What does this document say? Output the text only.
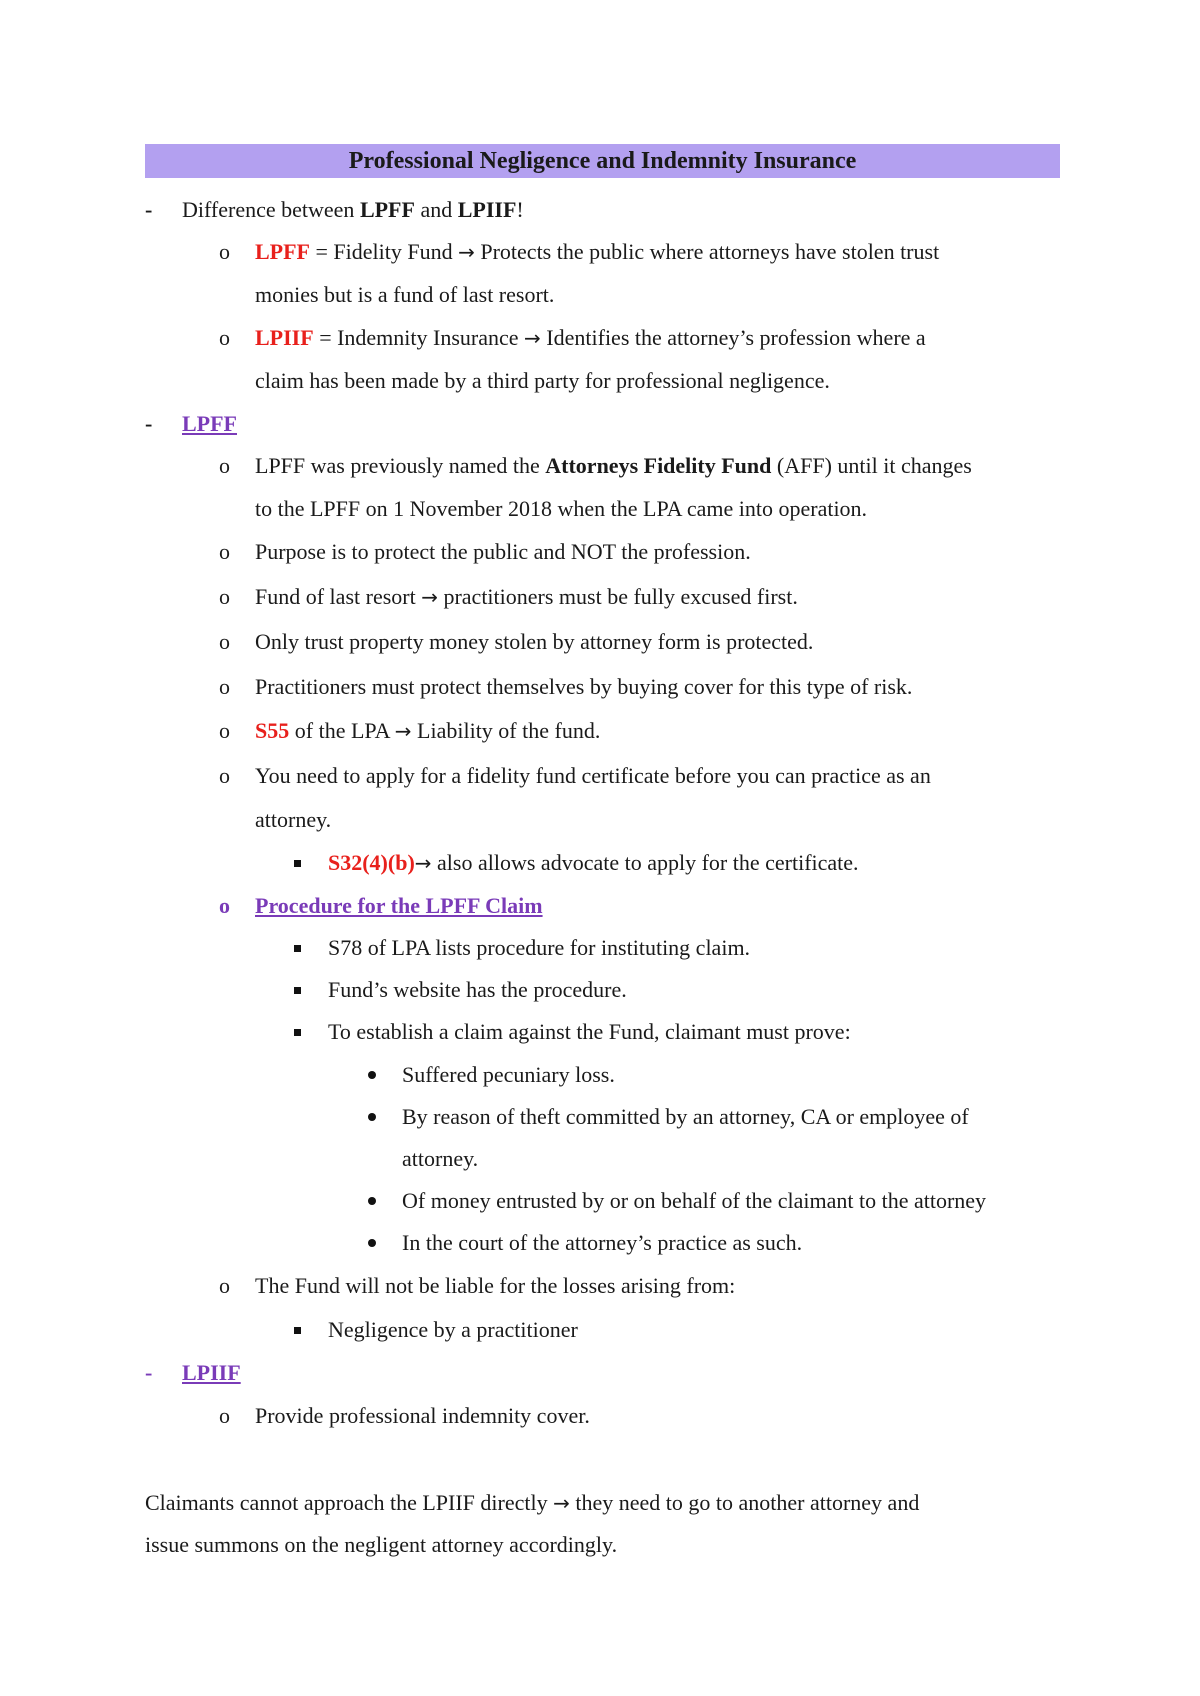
Professional Negligence and Indemnity Insurance
- Difference between LPFF and LPIIF!
o LPFF = Fidelity Fund → Protects the public where attorneys have stolen trust
monies but is a fund of last resort.
o LPIIF = Indemnity Insurance → Identifies the attorney’s profession where a
claim has been made by a third party for professional negligence.
- LPFF
o LPFF was previously named the Attorneys Fidelity Fund (AFF) until it changes
to the LPFF on 1 November 2018 when the LPA came into operation.
o Purpose is to protect the public and NOT the profession.
o Fund of last resort → practitioners must be fully excused first.
o Only trust property money stolen by attorney form is protected.
o Practitioners must protect themselves by buying cover for this type of risk.
o S55 of the LPA → Liability of the fund.
o You need to apply for a fidelity fund certificate before you can practice as an
attorney.
S32(4)(b)→ also allows advocate to apply for the certificate.
o Procedure for the LPFF Claim
S78 of LPA lists procedure for instituting claim.
Fund’s website has the procedure.
To establish a claim against the Fund, claimant must prove:
Suffered pecuniary loss.
By reason of theft committed by an attorney, CA or employee of
attorney.
Of money entrusted by or on behalf of the claimant to the attorney
In the court of the attorney’s practice as such.
o The Fund will not be liable for the losses arising from:
Negligence by a practitioner
- LPIIF
o Provide professional indemnity cover.
Claimants cannot approach the LPIIF directly → they need to go to another attorney and
issue summons on the negligent attorney accordingly.
